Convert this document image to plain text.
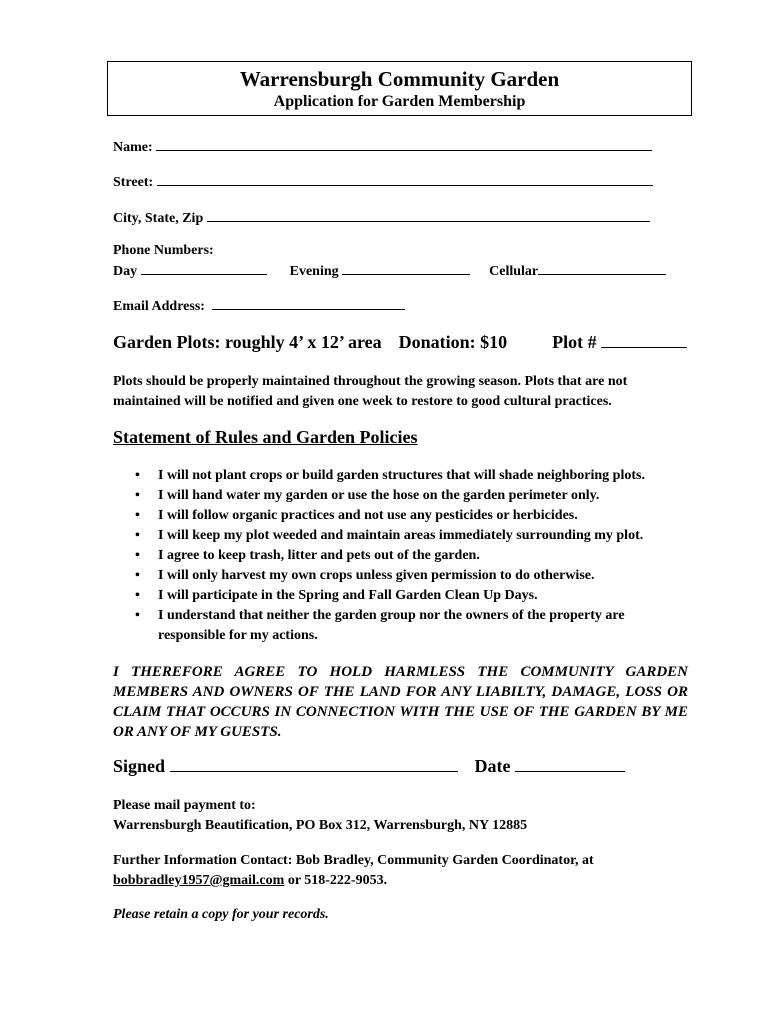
Warrensburgh Community Garden
Application for Garden Membership
Name:
Street:
City, State, Zip
Phone Numbers:
Day	Evening	Cellular
Email Address:
Garden Plots: roughly 4’ x 12’ area Donation: $10	Plot #
Plots should be properly maintained throughout the growing season. Plots that are not maintained will be notified and given one week to restore to good cultural practices.
Statement of Rules and Garden Policies
• I will not plant crops or build garden structures that will shade neighboring plots.
• I will hand water my garden or use the hose on the garden perimeter only.
• I will follow organic practices and not use any pesticides or herbicides.
• I will keep my plot weeded and maintain areas immediately surrounding my plot.
• I agree to keep trash, litter and pets out of the garden.
• I will only harvest my own crops unless given permission to do otherwise.
• I will participate in the Spring and Fall Garden Clean Up Days.
• I understand that neither the garden group nor the owners of the property are responsible for my actions.
I THEREFORE AGREE TO HOLD HARMLESS THE COMMUNITY GARDEN MEMBERS AND OWNERS OF THE LAND FOR ANY LIABILTY, DAMAGE, LOSS OR CLAIM THAT OCCURS IN CONNECTION WITH THE USE OF THE GARDEN BY ME OR ANY OF MY GUESTS.
Signed	Date
Please mail payment to:
Warrensburgh Beautification, PO Box 312, Warrensburgh, NY 12885
Further Information Contact: Bob Bradley, Community Garden Coordinator, at
bobbradley1957@gmail.com or 518-222-9053.
Please retain a copy for your records.
